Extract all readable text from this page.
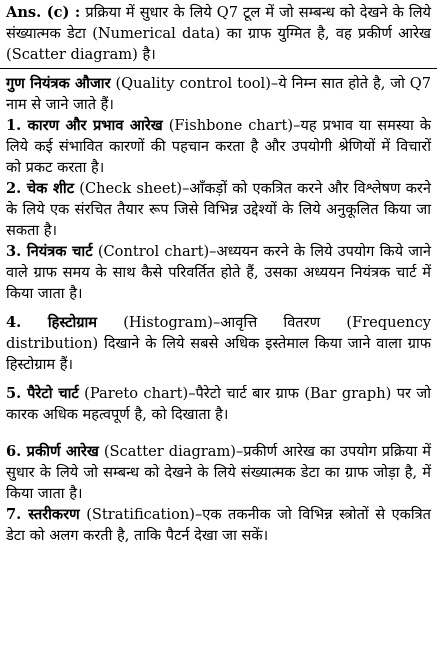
Ans. (c) : प्रक्रिया में सुधार के लिये Q7 टूल में जो सम्बन्ध को देखने के लिये संख्यात्मक डेटा (Numerical data) का ग्राफ युग्मित है, वह प्रकीर्ण आरेख (Scatter diagram) है।

गुण नियंत्रक औजार (Quality control tool)–ये निम्न सात होते है, जो Q7 नाम से जाने जाते हैं।

1. कारण और प्रभाव आरेख (Fishbone chart)–यह प्रभाव या समस्या के लिये कई संभावित कारणों की पहचान करता है और उपयोगी श्रेणियों में विचारों को प्रकट करता है।

2. चेक शीट (Check sheet)–आँकड़ों को एकत्रित करने और विश्लेषण करने के लिये एक संरचित तैयार रूप जिसे विभिन्न उद्देश्यों के लिये अनुकूलित किया जा सकता है।

3. नियंत्रक चार्ट (Control chart)–अध्ययन करने के लिये उपयोग किये जाने वाले ग्राफ समय के साथ कैसे परिवर्तित होते हैं, उसका अध्ययन नियंत्रक चार्ट में किया जाता है।

4. हिस्टोग्राम (Histogram)–आवृत्ति वितरण (Frequency distribution) दिखाने के लिये सबसे अधिक इस्तेमाल किया जाने वाला ग्राफ हिस्टोग्राम हैं।

5. पैरेटो चार्ट (Pareto chart)–पैरेटो चार्ट बार ग्राफ (Bar graph) पर जो कारक अधिक महत्वपूर्ण है, को दिखाता है।

6. प्रकीर्ण आरेख (Scatter diagram)–प्रकीर्ण आरेख का उपयोग प्रक्रिया में सुधार के लिये जो सम्बन्ध को देखने के लिये संख्यात्मक डेटा का ग्राफ जोड़ा है, में किया जाता है।

7. स्तरीकरण (Stratification)–एक तकनीक जो विभिन्न स्त्रोतों से एकत्रित डेटा को अलग करती है, ताकि पैटर्न देखा जा सकें।
